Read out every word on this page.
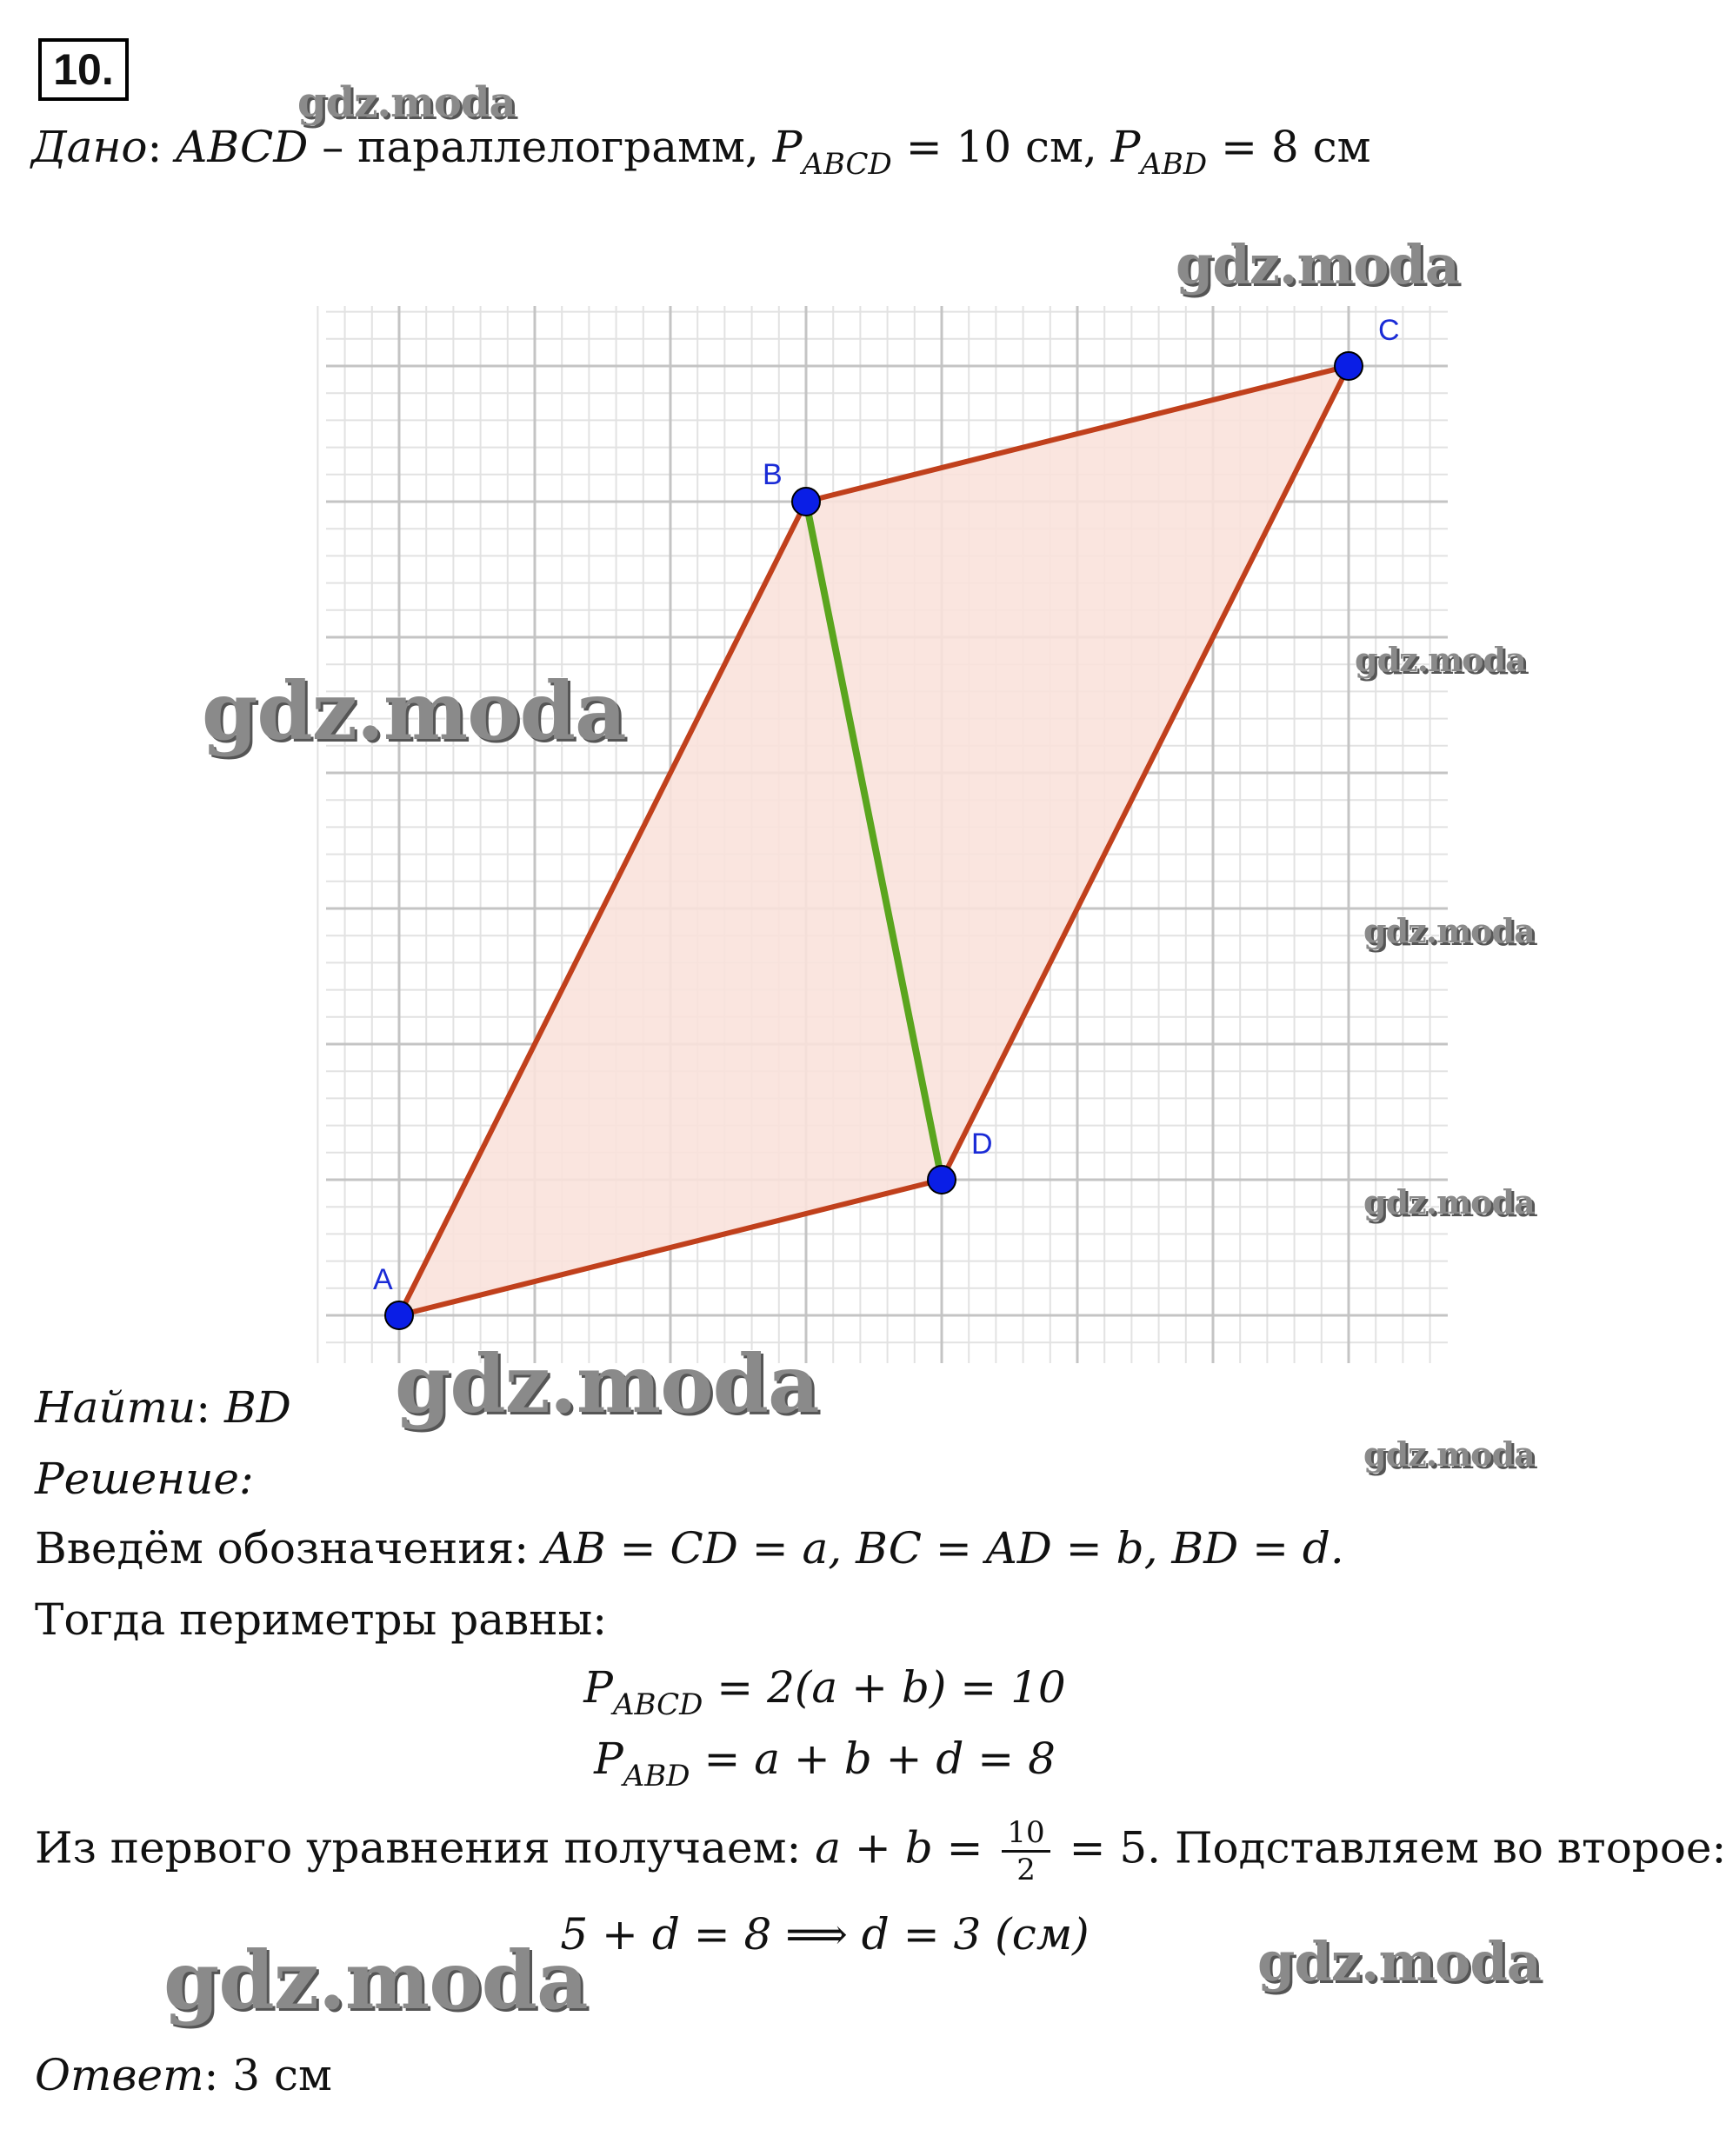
10.
Дано: ABCD – параллелограмм, $P_{ABCD} = 10$ см, $P_{ABD} = 8$ см
A
B
C
D
Найти: BD
Решение:
Введём обозначения: AB = CD = a, BC = AD = b, BD = d.
Тогда периметры равны:
$P_{ABCD} = 2(a + b) = 10$
$P_{ABD} = a + b + d = 8$
Из первого уравнения получаем: $a + b = \frac{10}{2} = 5$. Подставляем во второе:
5 + d = 8 ⟹ d = 3 (см)
Ответ: 3 см
gdz.moda
gdz.moda
gdz.moda
gdz.moda
gdz.moda
gdz.moda
gdz.moda
gdz.moda
gdz.moda	gdz.moda
